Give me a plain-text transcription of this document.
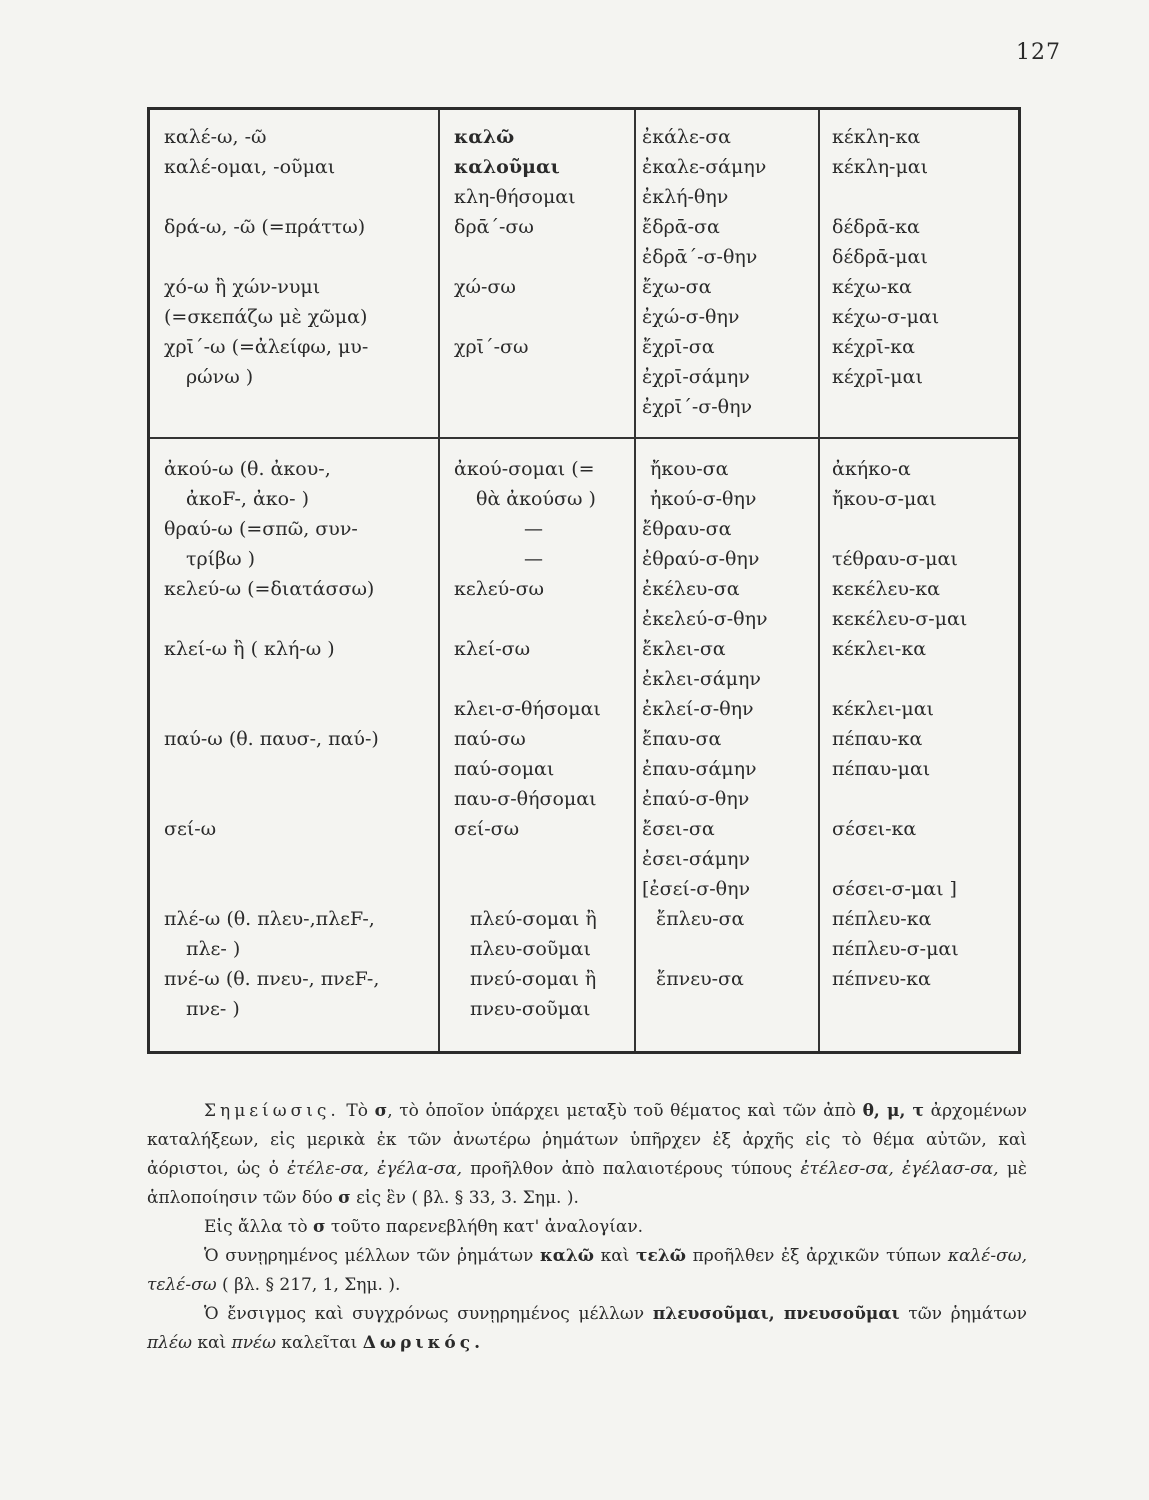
127
καλέ-ω, -ῶ
καλέ-ομαι, -οῦμαι

δρά-ω, -ῶ (=πράττω)

χό-ω ἢ χών-νυμι
(=σκεπάζω μὲ χῶμα)
χρῑ΄-ω (=ἀλείφω, μυ-
ρώνω )
καλῶ
καλοῦμαι
κλη-θήσομαι
δρᾱ΄-σω

χώ-σω

χρῑ΄-σω
ἐκάλε-σα
ἐκαλε-σάμην
ἐκλή-θην
ἔδρᾱ-σα
ἐδρᾱ΄-σ-θην
ἔχω-σα
ἐχώ-σ-θην
ἔχρῑ-σα
ἐχρῑ-σάμην
ἐχρῑ΄-σ-θην
κέκλη-κα
κέκλη-μαι

δέδρᾱ-κα
δέδρᾱ-μαι
κέχω-κα
κέχω-σ-μαι
κέχρῑ-κα
κέχρῑ-μαι
ἀκού-ω (θ. ἀκου-,
ἀκοF-, ἀκο- )
θραύ-ω (=σπῶ, συν-
τρίβω )
κελεύ-ω (=διατάσσω)

κλεί-ω ἢ ( κλή-ω )

παύ-ω (θ. παυσ-, παύ-)

σεί-ω

πλέ-ω (θ. πλευ-,πλεF-,
πλε- )
πνέ-ω (θ. πνευ-, πνεF-,
πνε- )
ἀκού-σομαι (=
θὰ ἀκούσω )
—
—
κελεύ-σω

κλεί-σω

κλει-σ-θήσομαι
παύ-σω
παύ-σομαι
παυ-σ-θήσομαι
σεί-σω

πλεύ-σομαι ἢ
πλευ-σοῦμαι
πνεύ-σομαι ἢ
πνευ-σοῦμαι
ἤκου-σα
ἠκού-σ-θην
ἔθραυ-σα
ἐθραύ-σ-θην
ἐκέλευ-σα
ἐκελεύ-σ-θην
ἔκλει-σα
ἐκλει-σάμην
ἐκλεί-σ-θην
ἔπαυ-σα
ἐπαυ-σάμην
ἐπαύ-σ-θην
ἔσει-σα
ἐσει-σάμην
[ἐσεί-σ-θην
ἔπλευ-σα

ἔπνευ-σα
ἀκήκο-α
ἤκου-σ-μαι

τέθραυ-σ-μαι
κεκέλευ-κα
κεκέλευ-σ-μαι
κέκλει-κα

κέκλει-μαι
πέπαυ-κα
πέπαυ-μαι

σέσει-κα

σέσει-σ-μαι ]
πέπλευ-κα
πέπλευ-σ-μαι
πέπνευ-κα

Σημείωσις. Τὸ σ, τὸ ὁποῖον ὑπάρχει μεταξὺ τοῦ θέματος καὶ τῶν ἀπὸ θ, μ, τ ἀρχομένων καταλήξεων, εἰς μερικὰ ἐκ τῶν ἀνωτέρω ῥημάτων ὑπῆρχεν ἐξ ἀρχῆς εἰς τὸ θέμα αὐτῶν, καὶ ἀόριστοι, ὡς ὁ ἐτέλε-σα, ἐγέλα-σα, προῆλθον ἀπὸ παλαιοτέρους τύπους ἐτέλεσ-σα, ἐγέλασ-σα, μὲ ἁπλοποίησιν τῶν δύο σ εἰς ἓν ( βλ. § 33, 3. Σημ. ).

Εἰς ἄλλα τὸ σ τοῦτο παρενεβλήθη κατ' ἀναλογίαν.

Ὁ συνῃρημένος μέλλων τῶν ῥημάτων καλῶ καὶ τελῶ προῆλθεν ἐξ ἀρχικῶν τύπων καλέ-σω, τελέ-σω ( βλ. § 217, 1, Σημ. ).

Ὁ ἔνσιγμος καὶ συγχρόνως συνῃρημένος μέλλων πλευσοῦμαι, πνευσοῦμαι τῶν ῥημάτων πλέω καὶ πνέω καλεῖται Δωρικός.
